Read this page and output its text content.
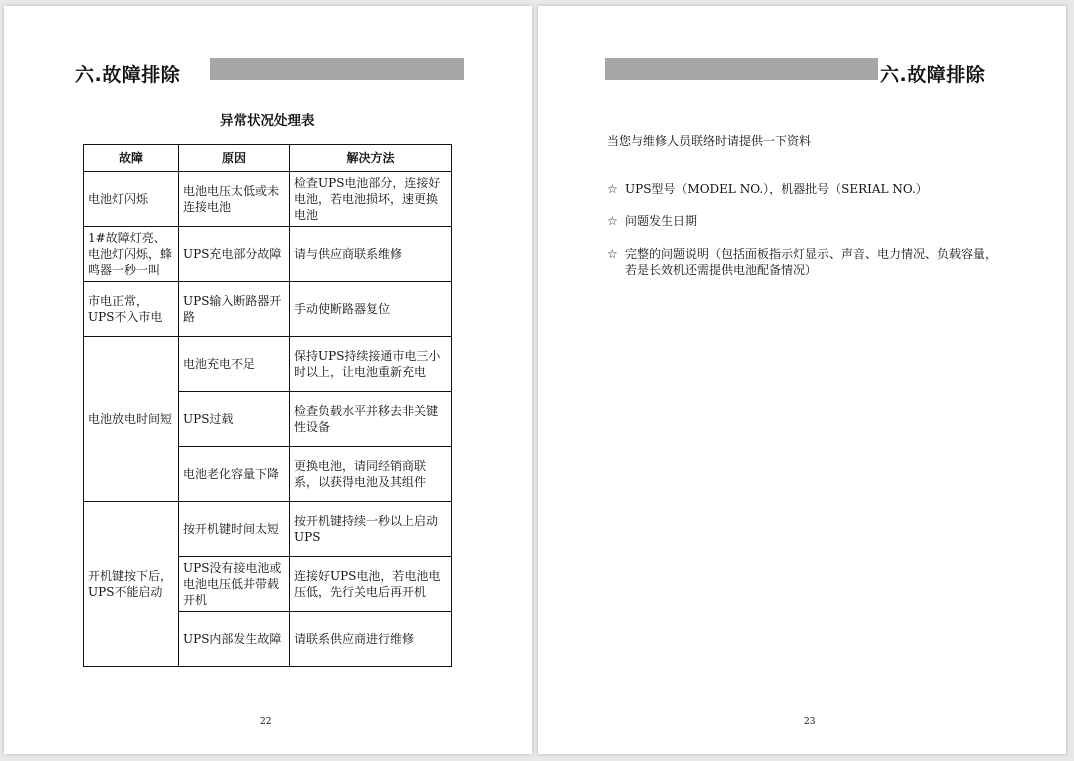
六.故障排除
异常状况处理表
故障	原因	解决方法
电池灯闪烁	电池电压太低或未连接电池	检查UPS电池部分，连接好电池，若电池损坏，速更换电池
1#故障灯亮、电池灯闪烁，蜂鸣器一秒一叫	UPS充电部分故障	请与供应商联系维修
市电正常，UPS不入市电	UPS输入断路器开路	手动使断路器复位
电池放电时间短	电池充电不足	保持UPS持续接通市电三小时以上，让电池重新充电
	UPS过载	检查负载水平并移去非关键性设备
	电池老化容量下降	更换电池，请同经销商联系，以获得电池及其组件
开机键按下后，UPS不能启动	按开机键时间太短	按开机键持续一秒以上启动UPS
	UPS没有接电池或电池电压低并带载开机	连接好UPS电池，若电池电压低，先行关电后再开机
	UPS内部发生故障	请联系供应商进行维修
22
六.故障排除
当您与维修人员联络时请提供一下资料
☆ UPS型号（MODEL NO.），机器批号（SERIAL NO.）
☆ 问题发生日期
☆ 完整的问题说明（包括面板指示灯显示、声音、电力情况、负载容量，若是长效机还需提供电池配备情况）
23
